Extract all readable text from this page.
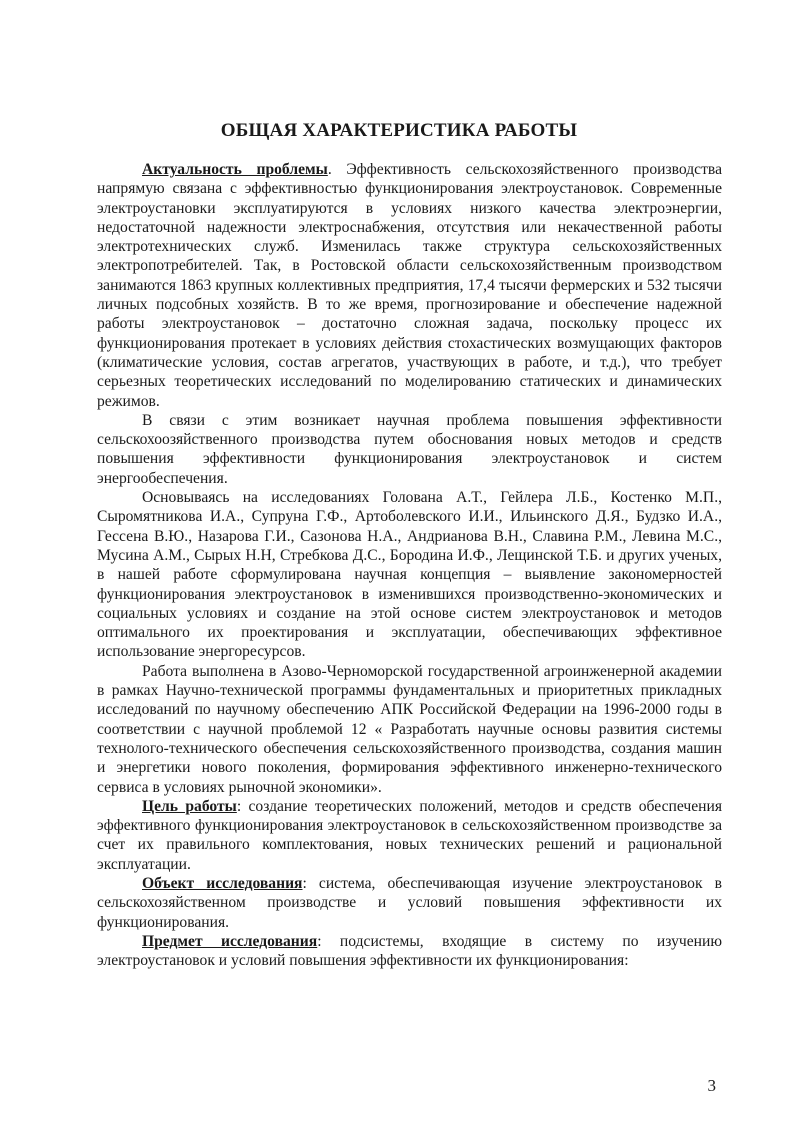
ОБЩАЯ ХАРАКТЕРИСТИКА РАБОТЫ

Актуальность проблемы. Эффективность сельскохозяйственного производства напрямую связана с эффективностью функционирования электроустановок. Современные электроустановки эксплуатируются в условиях низкого качества электроэнергии, недостаточной надежности электроснабжения, отсутствия или некачественной работы электротехнических служб. Изменилась также структура сельскохозяйственных электропотребителей. Так, в Ростовской области сельскохозяйственным производством занимаются 1863 крупных коллективных предприятия, 17,4 тысячи фермерских и 532 тысячи личных подсобных хозяйств. В то же время, прогнозирование и обеспечение надежной работы электроустановок – достаточно сложная задача, поскольку процесс их функционирования протекает в условиях действия стохастических возмущающих факторов (климатические условия, состав агрегатов, участвующих в работе, и т.д.), что требует серьезных теоретических исследований по моделированию статических и динамических режимов.

В связи с этим возникает научная проблема повышения эффективности сельскохоозяйственного производства путем обоснования новых методов и средств повышения эффективности функционирования электроустановок и систем энергообеспечения.

Основываясь на исследованиях Голована А.Т., Гейлера Л.Б., Костенко М.П., Сыромятникова И.А., Супруна Г.Ф., Артоболевского И.И., Ильинского Д.Я., Будзко И.А., Гессена В.Ю., Назарова Г.И., Сазонова Н.А., Андрианова В.Н., Славина Р.М., Левина М.С., Мусина А.М., Сырых Н.Н, Стребкова Д.С., Бородина И.Ф., Лещинской Т.Б. и других ученых, в нашей работе сформулирована научная концепция – выявление закономерностей функционирования электроустановок в изменившихся производственно-экономических и социальных условиях и создание на этой основе систем электроустановок и методов оптимального их проектирования и эксплуатации, обеспечивающих эффективное использование энергоресурсов.

Работа выполнена в Азово-Черноморской государственной агроинженерной академии в рамках Научно-технической программы фундаментальных и приоритетных прикладных исследований по научному обеспечению АПК Российской Федерации на 1996-2000 годы в соответствии с научной проблемой 12 « Разработать научные основы развития системы технолого-технического обеспечения сельскохозяйственного производства, создания машин и энергетики нового поколения, формирования эффективного инженерно-технического сервиса в условиях рыночной экономики».

Цель работы: создание теоретических положений, методов и средств обеспечения эффективного функционирования электроустановок в сельскохозяйственном производстве за счет их правильного комплектования, новых технических решений и рациональной эксплуатации.

Объект исследования: система, обеспечивающая изучение электроустановок в сельскохозяйственном производстве и условий повышения эффективности их функционирования.

Предмет исследования: подсистемы, входящие в систему по изучению электроустановок и условий повышения эффективности их функционирования:

3
